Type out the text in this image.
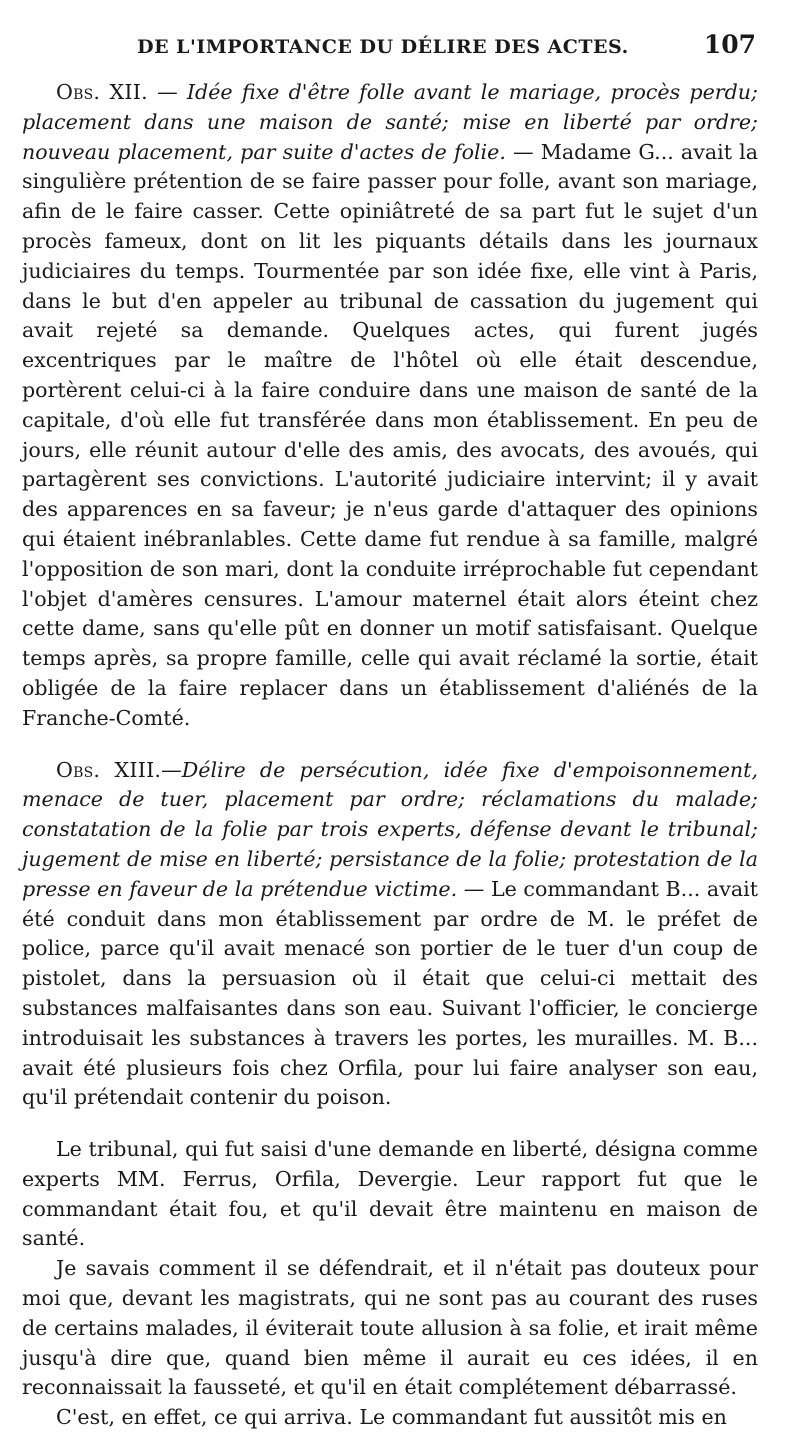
DE L'IMPORTANCE DU DÉLIRE DES ACTES.	107

Obs. XII. — Idée fixe d'être folle avant le mariage, procès perdu; placement dans une maison de santé; mise en liberté par ordre; nouveau placement, par suite d'actes de folie. — Madame G... avait la singulière prétention de se faire passer pour folle, avant son mariage, afin de le faire casser. Cette opiniâtreté de sa part fut le sujet d'un procès fameux, dont on lit les piquants détails dans les journaux judiciaires du temps. Tourmentée par son idée fixe, elle vint à Paris, dans le but d'en appeler au tribunal de cassation du jugement qui avait rejeté sa demande. Quelques actes, qui furent jugés excentriques par le maître de l'hôtel où elle était descendue, portèrent celui-ci à la faire conduire dans une maison de santé de la capitale, d'où elle fut transférée dans mon établissement. En peu de jours, elle réunit autour d'elle des amis, des avocats, des avoués, qui partagèrent ses convictions. L'autorité judiciaire intervint; il y avait des apparences en sa faveur; je n'eus garde d'attaquer des opinions qui étaient inébranlables. Cette dame fut rendue à sa famille, malgré l'opposition de son mari, dont la conduite irréprochable fut cependant l'objet d'amères censures. L'amour maternel était alors éteint chez cette dame, sans qu'elle pût en donner un motif satisfaisant. Quelque temps après, sa propre famille, celle qui avait réclamé la sortie, était obligée de la faire replacer dans un établissement d'aliénés de la Franche-Comté.

Obs. XIII.—Délire de persécution, idée fixe d'empoisonnement, menace de tuer, placement par ordre; réclamations du malade; constatation de la folie par trois experts, défense devant le tribunal; jugement de mise en liberté; persistance de la folie; protestation de la presse en faveur de la prétendue victime. — Le commandant B... avait été conduit dans mon établissement par ordre de M. le préfet de police, parce qu'il avait menacé son portier de le tuer d'un coup de pistolet, dans la persuasion où il était que celui-ci mettait des substances malfaisantes dans son eau. Suivant l'officier, le concierge introduisait les substances à travers les portes, les murailles. M. B... avait été plusieurs fois chez Orfila, pour lui faire analyser son eau, qu'il prétendait contenir du poison.

Le tribunal, qui fut saisi d'une demande en liberté, désigna comme experts MM. Ferrus, Orfila, Devergie. Leur rapport fut que le commandant était fou, et qu'il devait être maintenu en maison de santé.

Je savais comment il se défendrait, et il n'était pas douteux pour moi que, devant les magistrats, qui ne sont pas au courant des ruses de certains malades, il éviterait toute allusion à sa folie, et irait même jusqu'à dire que, quand bien même il aurait eu ces idées, il en reconnaissait la fausseté, et qu'il en était complétement débarrassé.

C'est, en effet, ce qui arriva. Le commandant fut aussitôt mis en
